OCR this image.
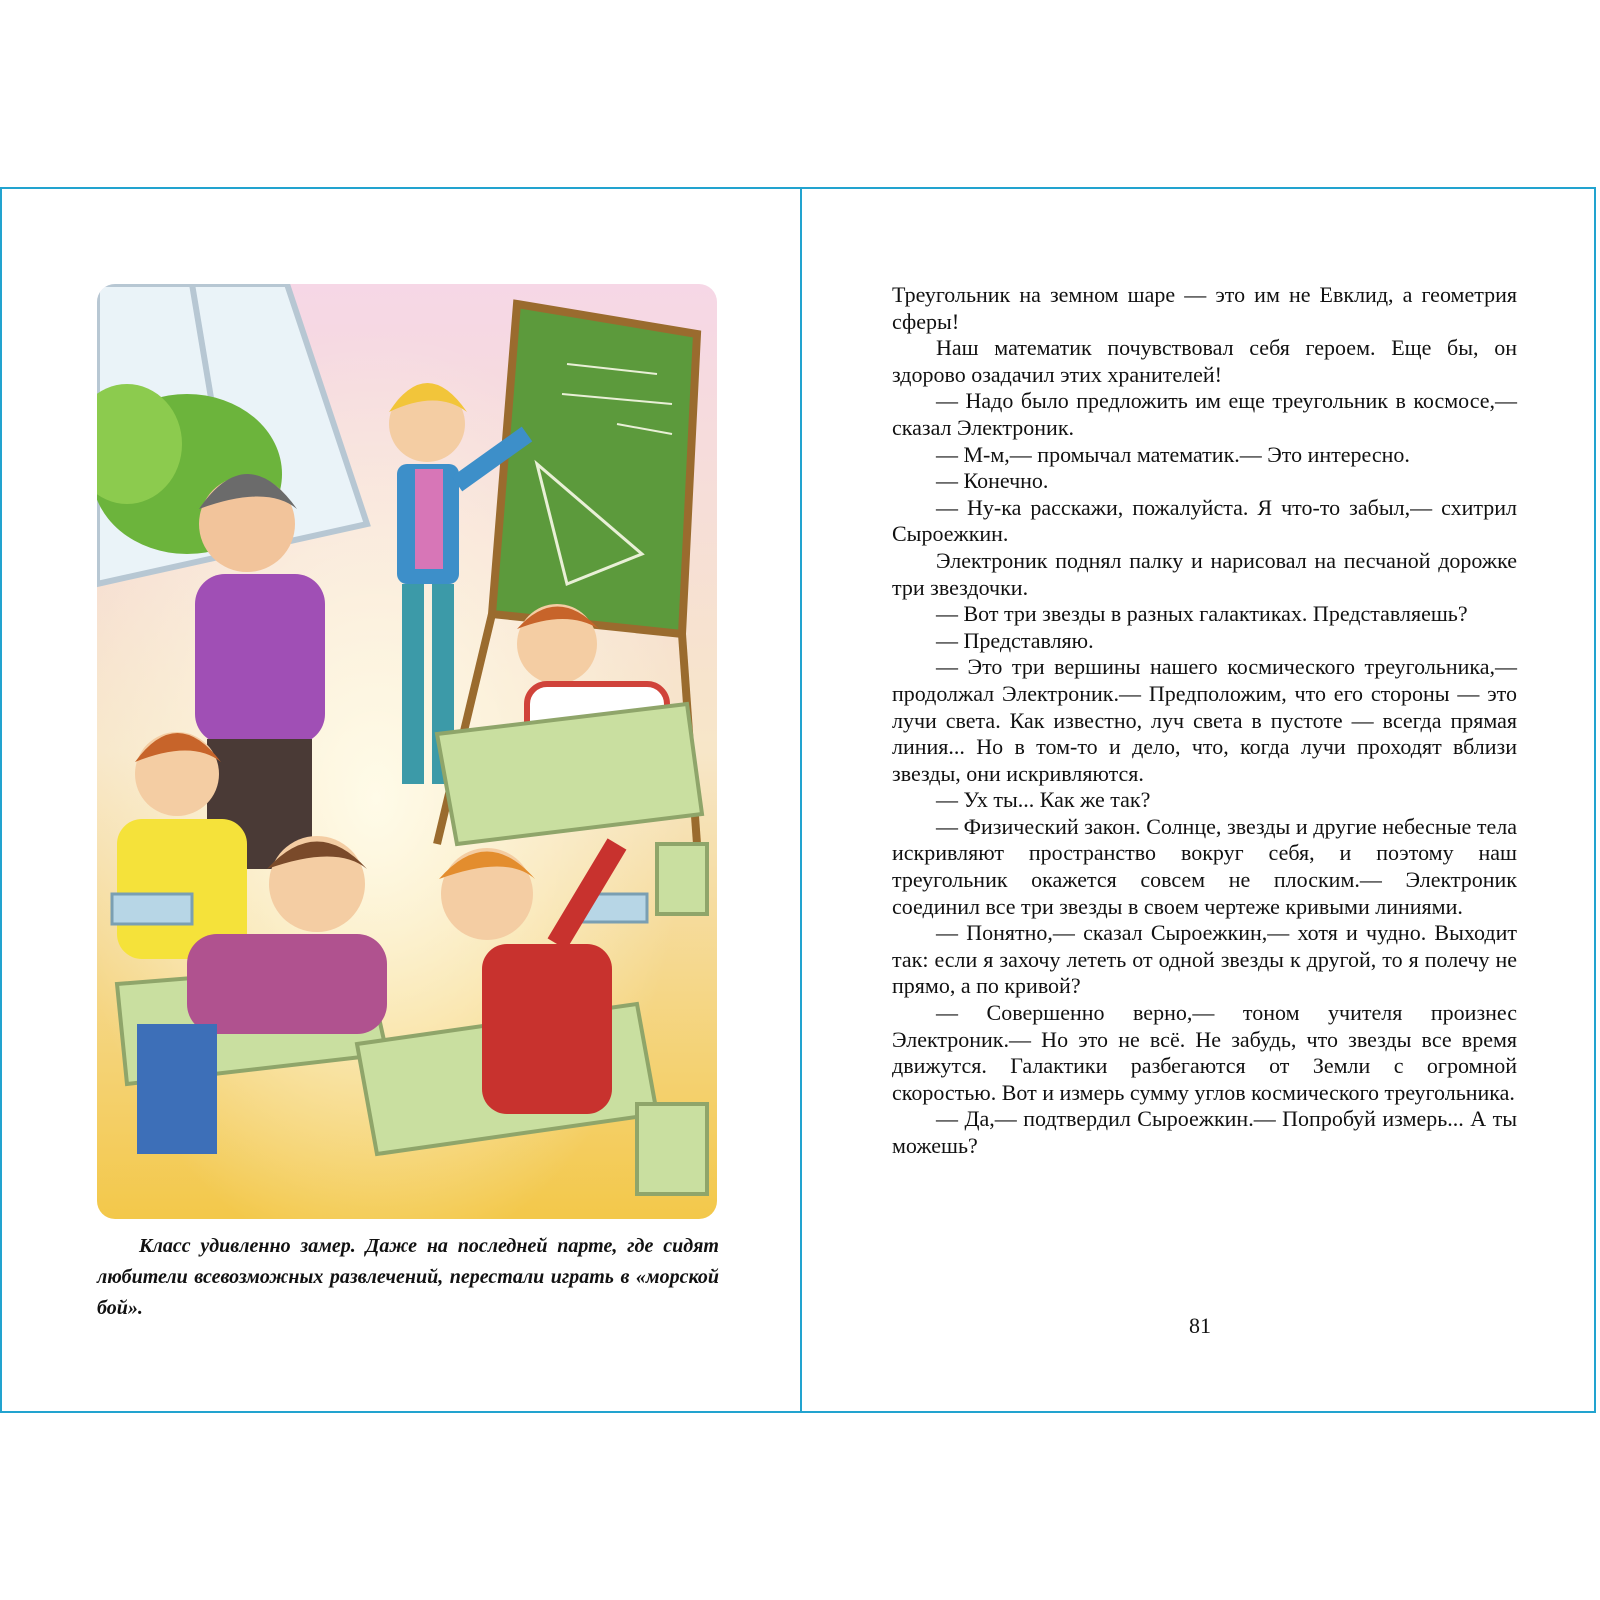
Класс удивленно замер. Даже на последней парте, где сидят любители всевозможных развлечений, перестали играть в «морской бой».

Треугольник на земном шаре — это им не Евклид, а геометрия сферы!

Наш математик почувствовал себя героем. Еще бы, он здорово озадачил этих хранителей!

— Надо было предложить им еще треугольник в космосе,— сказал Электроник.

— М-м,— промычал математик.— Это интересно.

— Конечно.

— Ну-ка расскажи, пожалуйста. Я что-то забыл,— схитрил Сыроежкин.

Электроник поднял палку и нарисовал на песчаной дорожке три звездочки.

— Вот три звезды в разных галактиках. Представляешь?

— Представляю.

— Это три вершины нашего космического треугольника,— продолжал Электроник.— Предположим, что его стороны — это лучи света. Как известно, луч света в пустоте — всегда прямая линия... Но в том-то и дело, что, когда лучи проходят вблизи звезды, они искривляются.

— Ух ты... Как же так?

— Физический закон. Солнце, звезды и другие небесные тела искривляют пространство вокруг себя, и поэтому наш треугольник окажется совсем не плоским.— Электроник соединил все три звезды в своем чертеже кривыми линиями.

— Понятно,— сказал Сыроежкин,— хотя и чудно. Выходит так: если я захочу лететь от одной звезды к другой, то я полечу не прямо, а по кривой?

— Совершенно верно,— тоном учителя произнес Электроник.— Но это не всё. Не забудь, что звезды все время движутся. Галактики разбегаются от Земли с огромной скоростью. Вот и измерь сумму углов космического треугольника.

— Да,— подтвердил Сыроежкин.— Попробуй измерь... А ты можешь?

81
